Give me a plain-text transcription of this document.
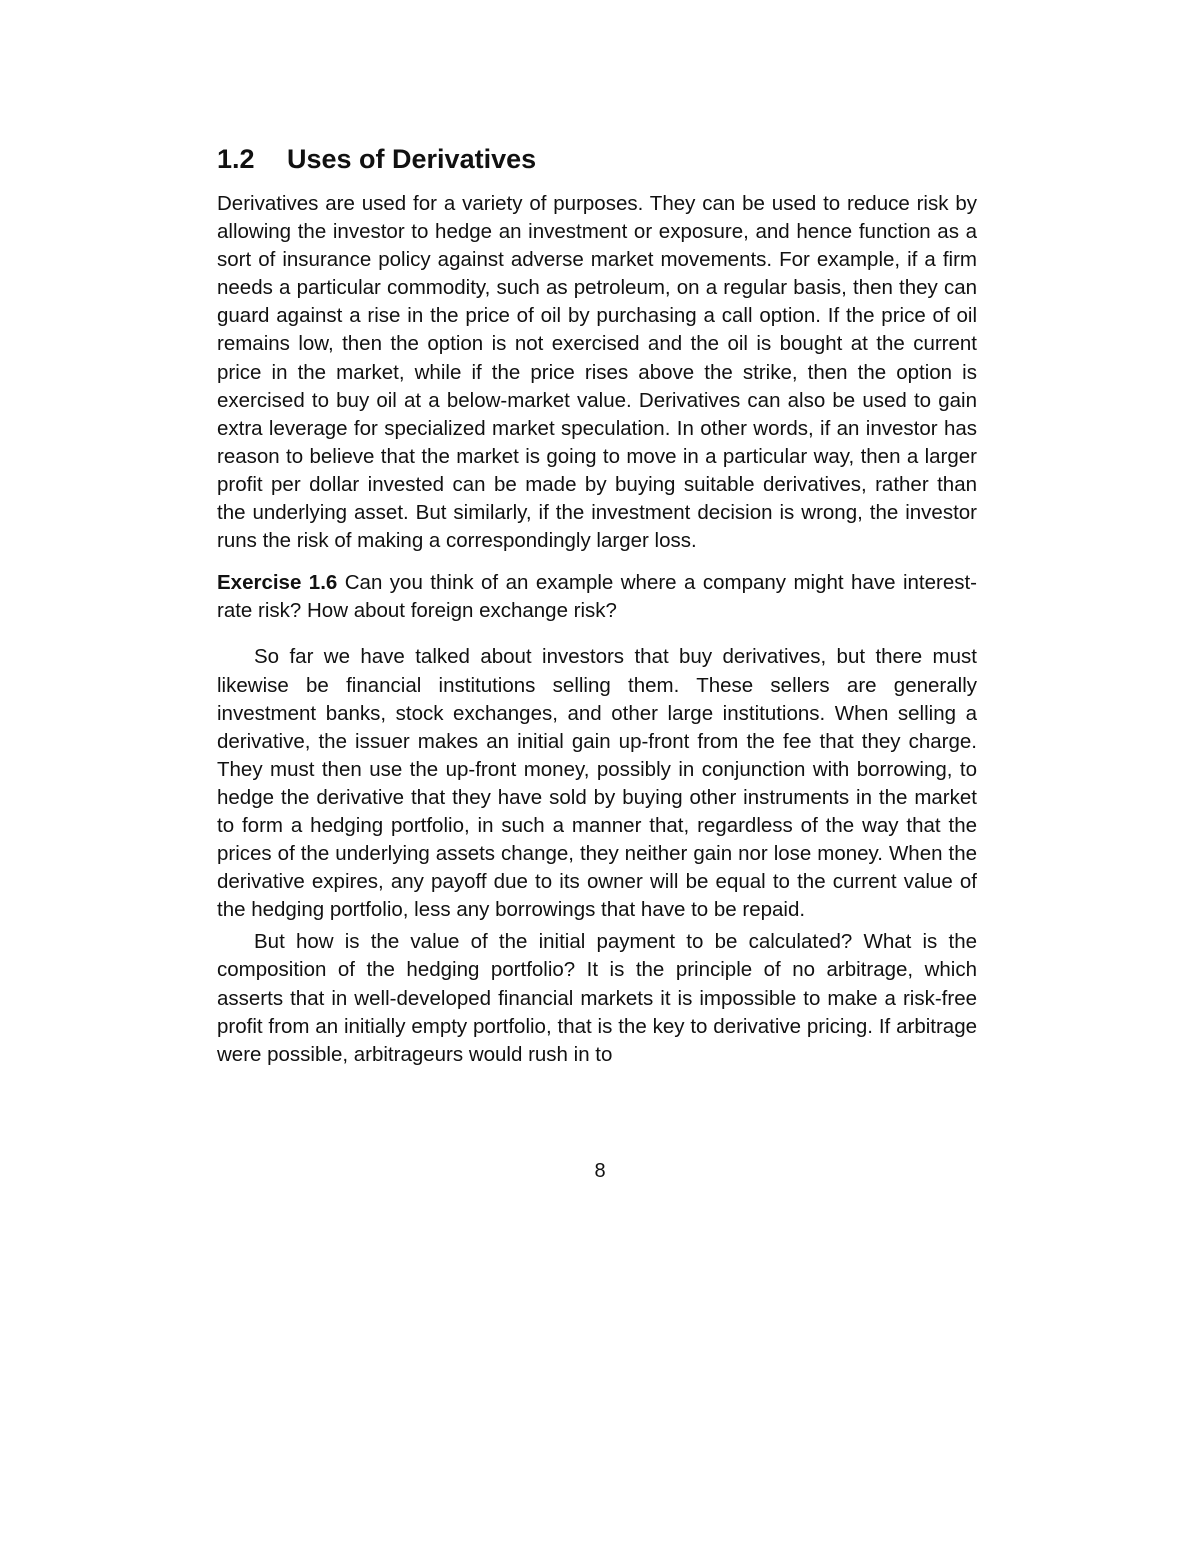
1.2 Uses of Derivatives

Derivatives are used for a variety of purposes. They can be used to reduce risk by allowing the investor to hedge an investment or exposure, and hence function as a sort of insurance policy against adverse market movements. For example, if a firm needs a particular commodity, such as petroleum, on a regular basis, then they can guard against a rise in the price of oil by purchasing a call option. If the price of oil remains low, then the option is not exercised and the oil is bought at the current price in the market, while if the price rises above the strike, then the option is exercised to buy oil at a below-market value. Derivatives can also be used to gain extra leverage for specialized market speculation. In other words, if an investor has reason to believe that the market is going to move in a particular way, then a larger profit per dollar invested can be made by buying suitable derivatives, rather than the underlying asset. But similarly, if the investment decision is wrong, the investor runs the risk of making a correspondingly larger loss.

Exercise 1.6 Can you think of an example where a company might have interest-rate risk? How about foreign exchange risk?

So far we have talked about investors that buy derivatives, but there must likewise be financial institutions selling them. These sellers are generally investment banks, stock exchanges, and other large institutions. When selling a derivative, the issuer makes an initial gain up-front from the fee that they charge. They must then use the up-front money, possibly in conjunction with borrowing, to hedge the derivative that they have sold by buying other instruments in the market to form a hedging portfolio, in such a manner that, regardless of the way that the prices of the underlying assets change, they neither gain nor lose money. When the derivative expires, any payoff due to its owner will be equal to the current value of the hedging portfolio, less any borrowings that have to be repaid.

But how is the value of the initial payment to be calculated? What is the composition of the hedging portfolio? It is the principle of no arbitrage, which asserts that in well-developed financial markets it is impossible to make a risk-free profit from an initially empty portfolio, that is the key to derivative pricing. If arbitrage were possible, arbitrageurs would rush in to

8
